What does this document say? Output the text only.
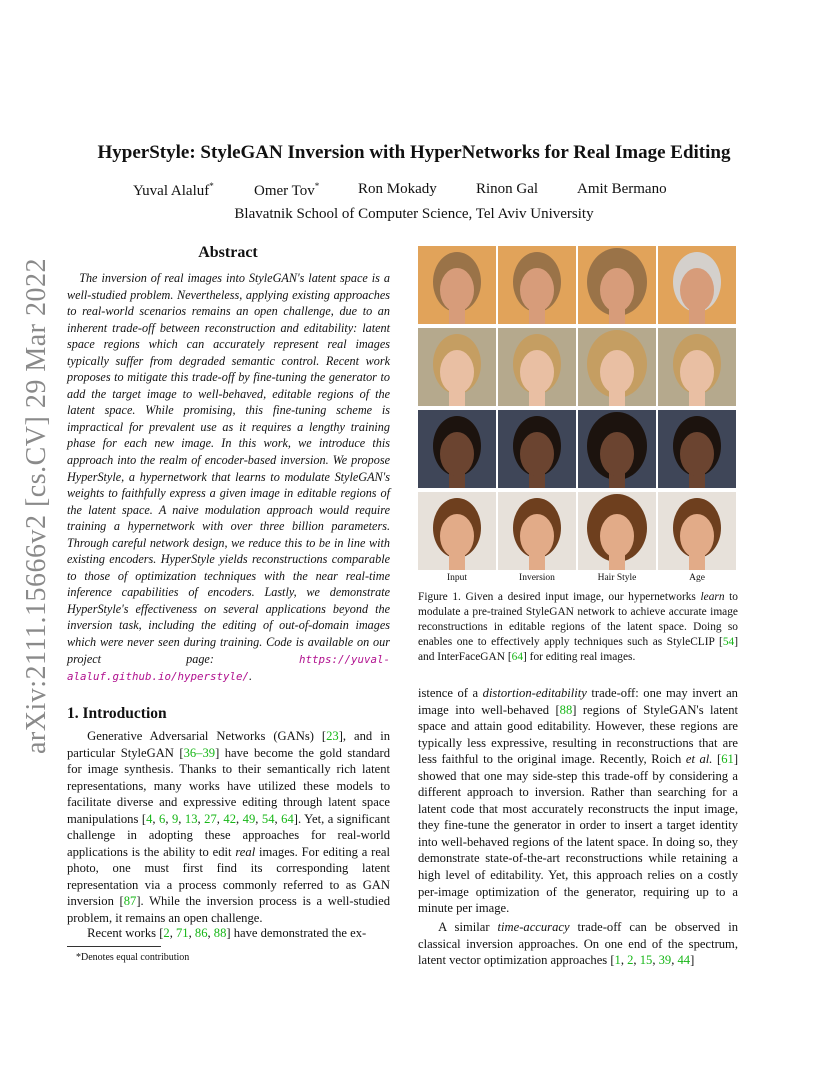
arXiv:2111.15666v2 [cs.CV] 29 Mar 2022
HyperStyle: StyleGAN Inversion with HyperNetworks for Real Image Editing
Yuval Alaluf*	Omer Tov*	Ron Mokady	Rinon Gal	Amit Bermano
Blavatnik School of Computer Science, Tel Aviv University
Abstract

The inversion of real images into StyleGAN's latent space is a well-studied problem. Nevertheless, applying existing approaches to real-world scenarios remains an open challenge, due to an inherent trade-off between reconstruction and editability: latent space regions which can accurately represent real images typically suffer from degraded semantic control. Recent work proposes to mitigate this trade-off by fine-tuning the generator to add the target image to well-behaved, editable regions of the latent space. While promising, this fine-tuning scheme is impractical for prevalent use as it requires a lengthy training phase for each new image. In this work, we introduce this approach into the realm of encoder-based inversion. We propose HyperStyle, a hypernetwork that learns to modulate StyleGAN's weights to faithfully express a given image in editable regions of the latent space. A naive modulation approach would require training a hypernetwork with over three billion parameters. Through careful network design, we reduce this to be in line with existing encoders. HyperStyle yields reconstructions comparable to those of optimization techniques with the near real-time inference capabilities of encoders. Lastly, we demonstrate HyperStyle's effectiveness on several applications beyond the inversion task, including the editing of out-of-domain images which were never seen during training. Code is available on our project page:	https://yuval-alaluf.github.io/hyperstyle/.

1. Introduction

Generative Adversarial Networks (GANs) [23], and in particular StyleGAN [36–39] have become the gold standard for image synthesis. Thanks to their semantically rich latent representations, many works have utilized these models to facilitate diverse and expressive editing through latent space manipulations [4, 6, 9, 13, 27, 42, 49, 54, 64]. Yet, a significant challenge in adopting these approaches for real-world applications is the ability to edit real images. For editing a real photo, one must first find its corresponding latent representation via a process commonly referred to as GAN inversion [87]. While the inversion process is a well-studied problem, it remains an open challenge.

Recent works [2, 71, 86, 88] have demonstrated the ex-

*Denotes equal contribution
Input	Inversion	Hair Style	Age

Figure 1. Given a desired input image, our hypernetworks learn to modulate a pre-trained StyleGAN network to achieve accurate image reconstructions in editable regions of the latent space. Doing so enables one to effectively apply techniques such as StyleCLIP [54] and InterFaceGAN [64] for editing real images.

istence of a distortion-editability trade-off: one may invert an image into well-behaved [88] regions of StyleGAN's latent space and attain good editability. However, these regions are typically less expressive, resulting in reconstructions that are less faithful to the original image. Recently, Roich et al. [61] showed that one may side-step this trade-off by considering a different approach to inversion. Rather than searching for a latent code that most accurately reconstructs the input image, they fine-tune the generator in order to insert a target identity into well-behaved regions of the latent space. In doing so, they demonstrate state-of-the-art reconstructions while retaining a high level of editability. Yet, this approach relies on a costly per-image optimization of the generator, requiring up to a minute per image.

A similar time-accuracy trade-off can be observed in classical inversion approaches. On one end of the spectrum, latent vector optimization approaches [1, 2, 15, 39, 44]
